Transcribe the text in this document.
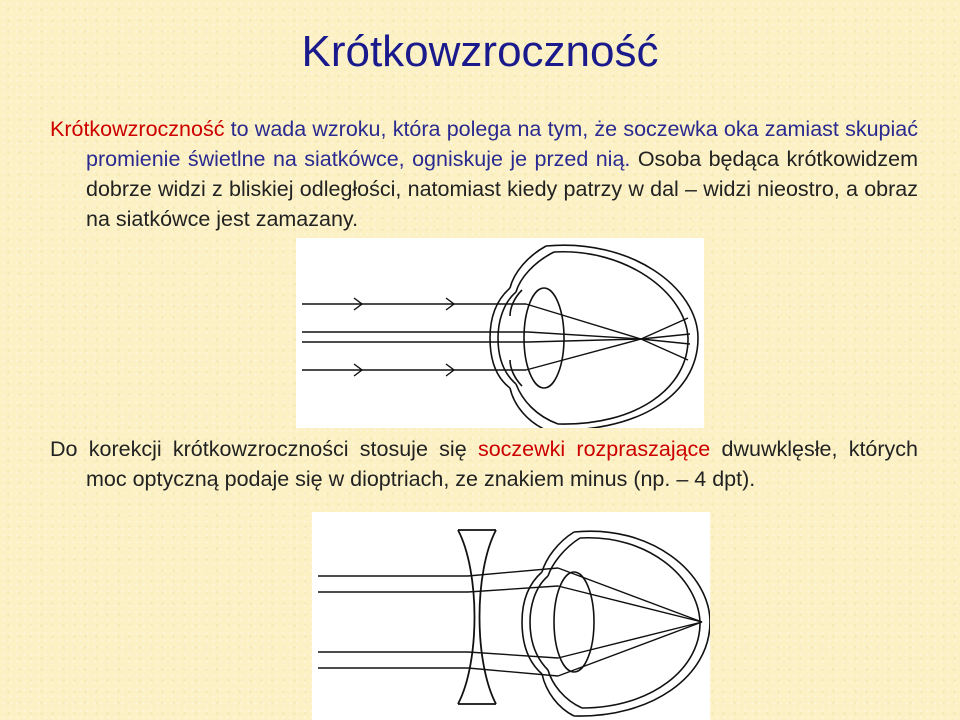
Krótkowzroczność
Krótkowzroczność to wada wzroku, która polega na tym, że soczewka oka zamiast skupiać promienie świetlne na siatkówce, ogniskuje je przed nią. Osoba będąca krótkowidzem dobrze widzi z bliskiej odległości, natomiast kiedy patrzy w dal – widzi nieostro, a obraz na siatkówce jest zamazany.
Do korekcji krótkowzroczności stosuje się soczewki rozpraszające dwuwklęsłe, których moc optyczną podaje się w dioptriach, ze znakiem minus (np. – 4 dpt).
